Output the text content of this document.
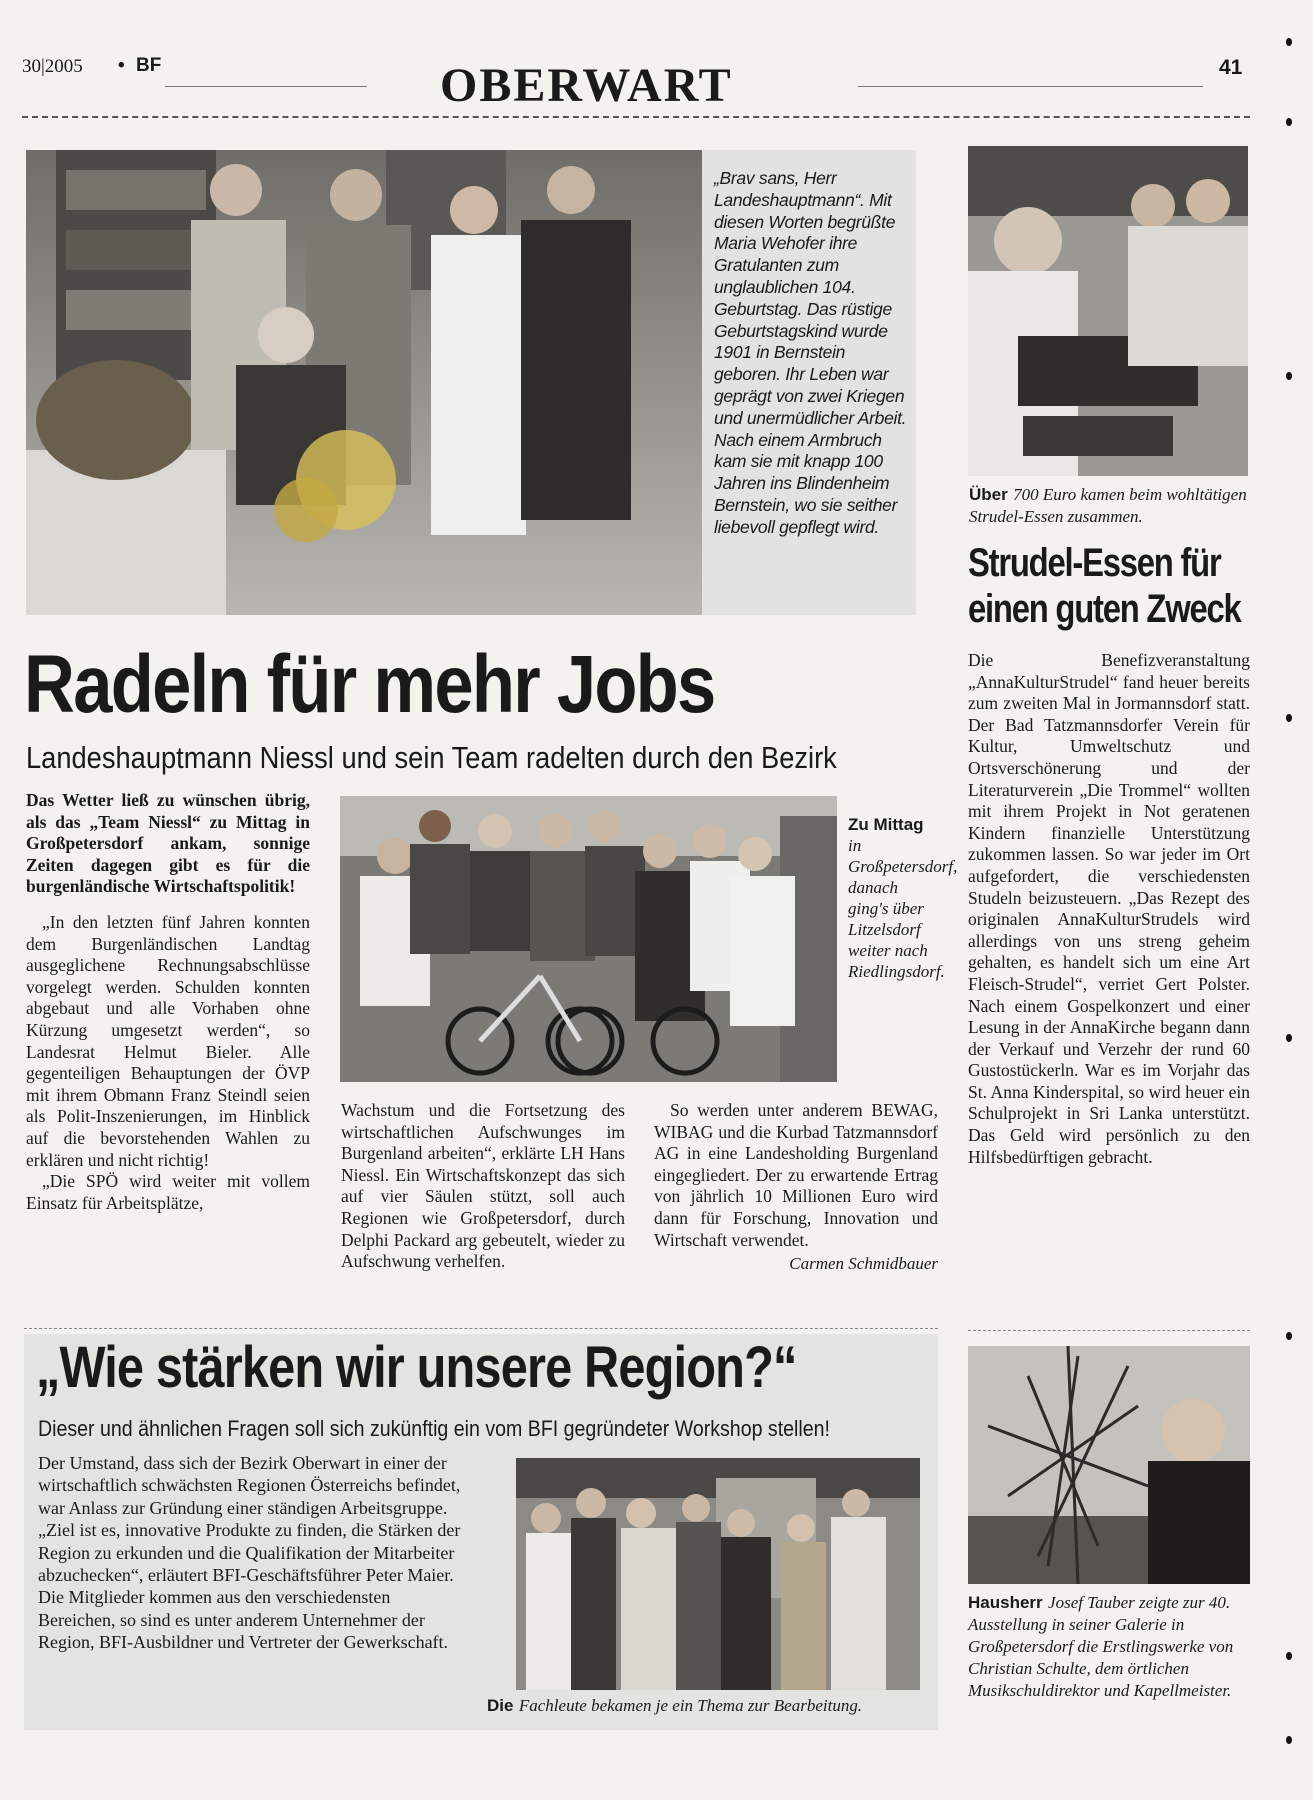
30|2005 • BF	OBERWART	41
„Brav sans, Herr Landeshauptmann“. Mit diesen Worten begrüßte Maria Wehofer ihre Gratulanten zum unglaublichen 104. Geburtstag. Das rüstige Geburtstagskind wurde 1901 in Bernstein geboren. Ihr Leben war geprägt von zwei Kriegen und unermüdlicher Arbeit. Nach einem Armbruch kam sie mit knapp 100 Jahren ins Blindenheim Bernstein, wo sie seither liebevoll gepflegt wird.
Über 700 Euro kamen beim wohltätigen Strudel-Essen zusammen.
Strudel-Essen für einen guten Zweck
Die Benefizveranstaltung „AnnaKulturStrudel“ fand heuer bereits zum zweiten Mal in Jormannsdorf statt. Der Bad Tatzmannsdorfer Verein für Kultur, Umweltschutz und Ortsverschönerung und der Literaturverein „Die Trommel“ wollten mit ihrem Projekt in Not geratenen Kindern finanzielle Unterstützung zukommen lassen. So war jeder im Ort aufgefordert, die verschiedensten Studeln beizusteuern. „Das Rezept des originalen AnnaKulturStrudels wird allerdings von uns streng geheim gehalten, es handelt sich um eine Art Fleisch-Strudel“, verriet Gert Polster. Nach einem Gospelkonzert und einer Lesung in der AnnaKirche begann dann der Verkauf und Verzehr der rund 60 Gustostückerln. War es im Vorjahr das St. Anna Kinderspital, so wird heuer ein Schulprojekt in Sri Lanka unterstützt. Das Geld wird persönlich zu den Hilfsbedürftigen gebracht.
Radeln für mehr Jobs
Landeshauptmann Niessl und sein Team radelten durch den Bezirk

Das Wetter ließ zu wünschen übrig, als das „Team Niessl“ zu Mittag in Großpetersdorf ankam, sonnige Zeiten dagegen gibt es für die burgenländische Wirtschaftspolitik!

„In den letzten fünf Jahren konnten dem Burgenländischen Landtag ausgeglichene Rechnungsabschlüsse vorgelegt werden. Schulden konnten abgebaut und alle Vorhaben ohne Kürzung umgesetzt werden“, so Landesrat Helmut Bieler. Alle gegenteiligen Behauptungen der ÖVP mit ihrem Obmann Franz Steindl seien als Polit-Inszenierungen, im Hinblick auf die bevorstehenden Wahlen zu erklären und nicht richtig!

„Die SPÖ wird weiter mit vollem Einsatz für Arbeitsplätze,

Zu Mittag
in Großpetersdorf, danach ging's über Litzelsdorf weiter nach Riedlingsdorf.
Wachstum und die Fortsetzung des wirtschaftlichen Aufschwunges im Burgenland arbeiten“, erklärte LH Hans Niessl. Ein Wirtschaftskonzept das sich auf vier Säulen stützt, soll auch Regionen wie Großpetersdorf, durch Delphi Packard arg gebeutelt, wieder zu Aufschwung verhelfen.

So werden unter anderem BEWAG, WIBAG und die Kurbad Tatzmannsdorf AG in eine Landesholding Burgenland eingegliedert. Der zu erwartende Ertrag von jährlich 10 Millionen Euro wird dann für Forschung, Innovation und Wirtschaft verwendet.

Carmen Schmidbauer

„Wie stärken wir unsere Region?“
Dieser und ähnlichen Fragen soll sich zukünftig ein vom BFI gegründeter Workshop stellen!
Der Umstand, dass sich der Bezirk Oberwart in einer der wirtschaftlich schwächsten Regionen Österreichs befindet, war Anlass zur Gründung einer ständigen Arbeitsgruppe. „Ziel ist es, innovative Produkte zu finden, die Stärken der Region zu erkunden und die Qualifikation der Mitarbeiter abzuchecken“, erläutert BFI-Geschäftsführer Peter Maier. Die Mitglieder kommen aus den verschiedensten Bereichen, so sind es unter anderem Unternehmer der Region, BFI-Ausbildner und Vertreter der Gewerkschaft.
Die Fachleute bekamen je ein Thema zur Bearbeitung.
Hausherr Josef Tauber zeigte zur 40. Ausstellung in seiner Galerie in Großpetersdorf die Erstlingswerke von Christian Schulte, dem örtlichen Musikschuldirektor und Kapellmeister.
